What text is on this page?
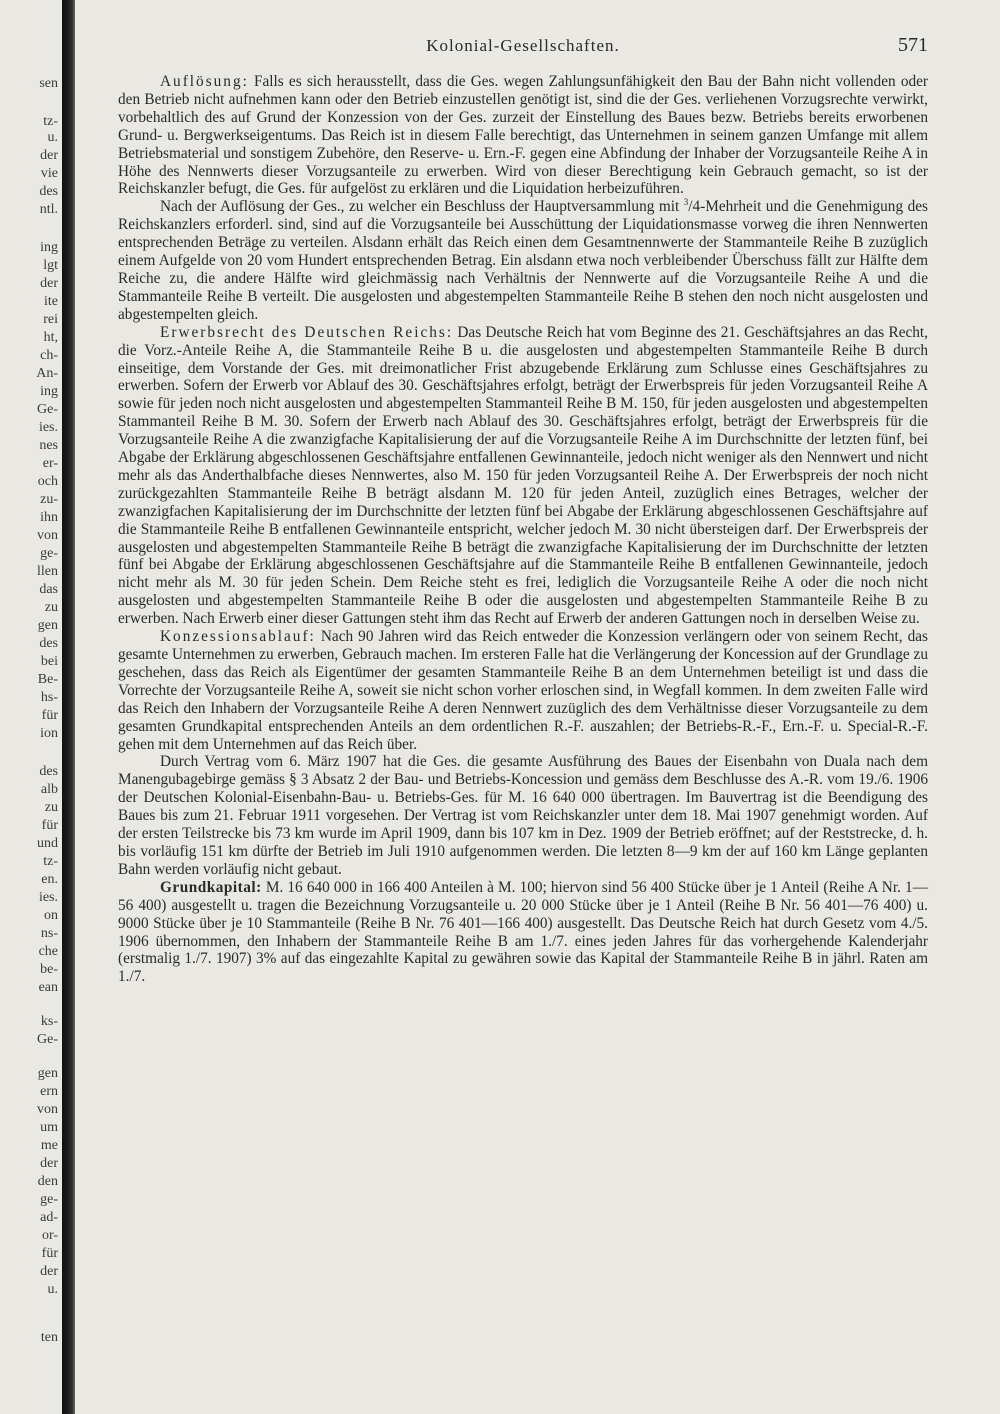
sen
tz-
u.
der
vie
des
ntl.
ing
lgt
der
ite
rei
ht,
ch-
An-
ing
Ge-
ies.
nes
er-
och
zu-
ihn
von
ge-
llen
das
zu
gen
des
bei
Be-
hs-
für
ion
des
alb
zu
für
und
tz-
en.
ies.
on
ns-
che
be-
ean
ks-
Ge-
gen
ern
von
um
me
der
den
ge-
ad-
or-
für
der
u.
ten
Kolonial-Gesellschaften.	571

Auflösung: Falls es sich herausstellt, dass die Ges. wegen Zahlungsunfähigkeit den Bau der Bahn nicht vollenden oder den Betrieb nicht aufnehmen kann oder den Betrieb einzustellen genötigt ist, sind die der Ges. verliehenen Vorzugsrechte verwirkt, vorbehaltlich des auf Grund der Konzession von der Ges. zurzeit der Einstellung des Baues bezw. Betriebs bereits erworbenen Grund- u. Bergwerkseigentums. Das Reich ist in diesem Falle berechtigt, das Unternehmen in seinem ganzen Umfange mit allem Betriebsmaterial und sonstigem Zubehöre, den Reserve- u. Ern.-F. gegen eine Abfindung der Inhaber der Vorzugsanteile Reihe A in Höhe des Nennwerts dieser Vorzugsanteile zu erwerben. Wird von dieser Berechtigung kein Gebrauch gemacht, so ist der Reichskanzler befugt, die Ges. für aufgelöst zu erklären und die Liquidation herbeizuführen.

Nach der Auflösung der Ges., zu welcher ein Beschluss der Hauptversammlung mit $^3$/4-Mehrheit und die Genehmigung des Reichskanzlers erforderl. sind, sind auf die Vorzugsanteile bei Ausschüttung der Liquidationsmasse vorweg die ihren Nennwerten entsprechenden Beträge zu verteilen. Alsdann erhält das Reich einen dem Gesamtnennwerte der Stammanteile Reihe B zuzüglich einem Aufgelde von 20 vom Hundert entsprechenden Betrag. Ein alsdann etwa noch verbleibender Überschuss fällt zur Hälfte dem Reiche zu, die andere Hälfte wird gleichmässig nach Verhältnis der Nennwerte auf die Vorzugsanteile Reihe A und die Stammanteile Reihe B verteilt. Die ausgelosten und abgestempelten Stammanteile Reihe B stehen den noch nicht ausgelosten und abgestempelten gleich.

Erwerbsrecht des Deutschen Reichs: Das Deutsche Reich hat vom Beginne des 21. Geschäftsjahres an das Recht, die Vorz.-Anteile Reihe A, die Stammanteile Reihe B u. die ausgelosten und abgestempelten Stammanteile Reihe B durch einseitige, dem Vorstande der Ges. mit dreimonatlicher Frist abzugebende Erklärung zum Schlusse eines Geschäftsjahres zu erwerben. Sofern der Erwerb vor Ablauf des 30. Geschäftsjahres erfolgt, beträgt der Erwerbspreis für jeden Vorzugsanteil Reihe A sowie für jeden noch nicht ausgelosten und abgestempelten Stammanteil Reihe B M. 150, für jeden ausgelosten und abgestempelten Stammanteil Reihe B M. 30. Sofern der Erwerb nach Ablauf des 30. Geschäftsjahres erfolgt, beträgt der Erwerbspreis für die Vorzugsanteile Reihe A die zwanzigfache Kapitalisierung der auf die Vorzugsanteile Reihe A im Durchschnitte der letzten fünf, bei Abgabe der Erklärung abgeschlossenen Geschäftsjahre entfallenen Gewinnanteile, jedoch nicht weniger als den Nennwert und nicht mehr als das Anderthalbfache dieses Nennwertes, also M. 150 für jeden Vorzugsanteil Reihe A. Der Erwerbspreis der noch nicht zurückgezahlten Stammanteile Reihe B beträgt alsdann M. 120 für jeden Anteil, zuzüglich eines Betrages, welcher der zwanzigfachen Kapitalisierung der im Durchschnitte der letzten fünf bei Abgabe der Erklärung abgeschlossenen Geschäftsjahre auf die Stammanteile Reihe B entfallenen Gewinnanteile entspricht, welcher jedoch M. 30 nicht übersteigen darf. Der Erwerbspreis der ausgelosten und abgestempelten Stammanteile Reihe B beträgt die zwanzigfache Kapitalisierung der im Durchschnitte der letzten fünf bei Abgabe der Erklärung abgeschlossenen Geschäftsjahre auf die Stammanteile Reihe B entfallenen Gewinnanteile, jedoch nicht mehr als M. 30 für jeden Schein. Dem Reiche steht es frei, lediglich die Vorzugsanteile Reihe A oder die noch nicht ausgelosten und abgestempelten Stammanteile Reihe B oder die ausgelosten und abgestempelten Stammanteile Reihe B zu erwerben. Nach Erwerb einer dieser Gattungen steht ihm das Recht auf Erwerb der anderen Gattungen noch in derselben Weise zu.

Konzessionsablauf: Nach 90 Jahren wird das Reich entweder die Konzession verlängern oder von seinem Recht, das gesamte Unternehmen zu erwerben, Gebrauch machen. Im ersteren Falle hat die Verlängerung der Koncession auf der Grundlage zu geschehen, dass das Reich als Eigentümer der gesamten Stammanteile Reihe B an dem Unternehmen beteiligt ist und dass die Vorrechte der Vorzugsanteile Reihe A, soweit sie nicht schon vorher erloschen sind, in Wegfall kommen. In dem zweiten Falle wird das Reich den Inhabern der Vorzugsanteile Reihe A deren Nennwert zuzüglich des dem Verhältnisse dieser Vorzugsanteile zu dem gesamten Grundkapital entsprechenden Anteils an dem ordentlichen R.-F. auszahlen; der Betriebs-R.-F., Ern.-F. u. Special-R.-F. gehen mit dem Unternehmen auf das Reich über.

Durch Vertrag vom 6. März 1907 hat die Ges. die gesamte Ausführung des Baues der Eisenbahn von Duala nach dem Manengubagebirge gemäss § 3 Absatz 2 der Bau- und Betriebs-Koncession und gemäss dem Beschlusse des A.-R. vom 19./6. 1906 der Deutschen Kolonial-Eisenbahn-Bau- u. Betriebs-Ges. für M. 16 640 000 übertragen. Im Bauvertrag ist die Beendigung des Baues bis zum 21. Februar 1911 vorgesehen. Der Vertrag ist vom Reichskanzler unter dem 18. Mai 1907 genehmigt worden. Auf der ersten Teilstrecke bis 73 km wurde im April 1909, dann bis 107 km in Dez. 1909 der Betrieb eröffnet; auf der Reststrecke, d. h. bis vorläufig 151 km dürfte der Betrieb im Juli 1910 aufgenommen werden. Die letzten 8—9 km der auf 160 km Länge geplanten Bahn werden vorläufig nicht gebaut.

Grundkapital: M. 16 640 000 in 166 400 Anteilen à M. 100; hiervon sind 56 400 Stücke über je 1 Anteil (Reihe A Nr. 1—56 400) ausgestellt u. tragen die Bezeichnung Vorzugsanteile u. 20 000 Stücke über je 1 Anteil (Reihe B Nr. 56 401—76 400) u. 9000 Stücke über je 10 Stammanteile (Reihe B Nr. 76 401—166 400) ausgestellt. Das Deutsche Reich hat durch Gesetz vom 4./5. 1906 übernommen, den Inhabern der Stammanteile Reihe B am 1./7. eines jeden Jahres für das vorhergehende Kalenderjahr (erstmalig 1./7. 1907) 3% auf das eingezahlte Kapital zu gewähren sowie das Kapital der Stammanteile Reihe B in jährl. Raten am 1./7.
